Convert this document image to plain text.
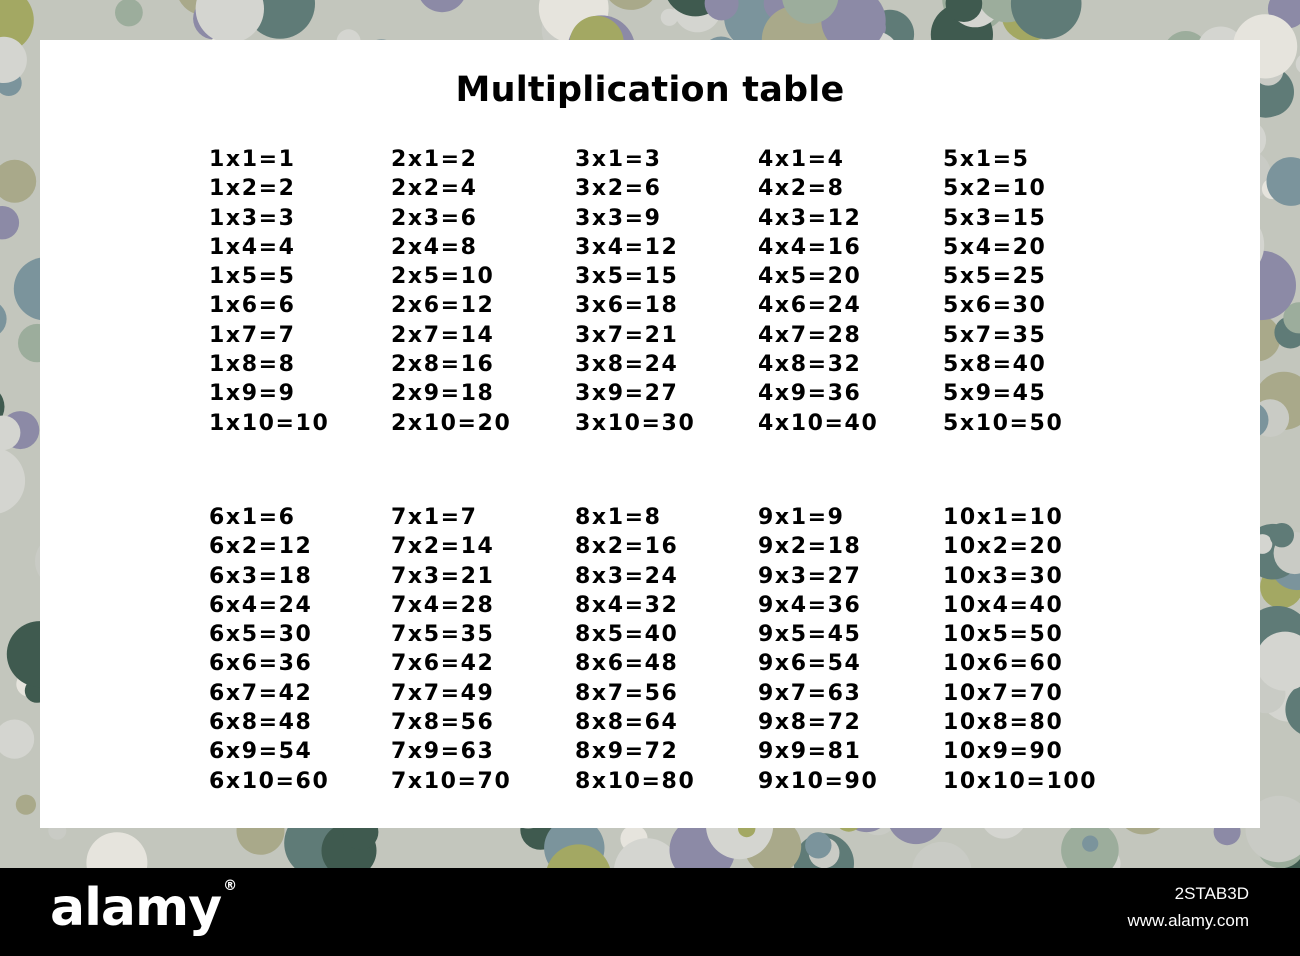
Multiplication table
1x1=1
1x2=2
1x3=3
1x4=4
1x5=5
1x6=6
1x7=7
1x8=8
1x9=9
1x10=10
2x1=2
2x2=4
2x3=6
2x4=8
2x5=10
2x6=12
2x7=14
2x8=16
2x9=18
2x10=20
3x1=3
3x2=6
3x3=9
3x4=12
3x5=15
3x6=18
3x7=21
3x8=24
3x9=27
3x10=30
4x1=4
4x2=8
4x3=12
4x4=16
4x5=20
4x6=24
4x7=28
4x8=32
4x9=36
4x10=40
5x1=5
5x2=10
5x3=15
5x4=20
5x5=25
5x6=30
5x7=35
5x8=40
5x9=45
5x10=50
6x1=6
6x2=12
6x3=18
6x4=24
6x5=30
6x6=36
6x7=42
6x8=48
6x9=54
6x10=60
7x1=7
7x2=14
7x3=21
7x4=28
7x5=35
7x6=42
7x7=49
7x8=56
7x9=63
7x10=70
8x1=8
8x2=16
8x3=24
8x4=32
8x5=40
8x6=48
8x7=56
8x8=64
8x9=72
8x10=80
9x1=9
9x2=18
9x3=27
9x4=36
9x5=45
9x6=54
9x7=63
9x8=72
9x9=81
9x10=90
10x1=10
10x2=20
10x3=30
10x4=40
10x5=50
10x6=60
10x7=70
10x8=80
10x9=90
10x10=100
alamy ®	2STAB3D
www.alamy.com
